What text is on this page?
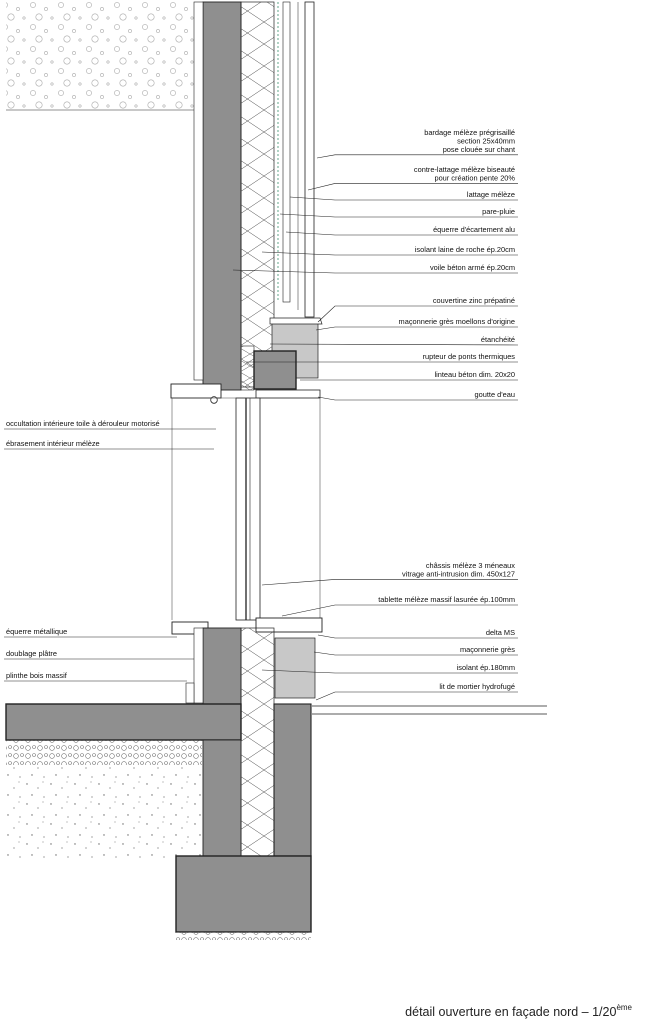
bardage mélèze prégrisaillé section 25x40mm pose clouée sur chant
contre-lattage mélèze biseauté pour création pente 20%
lattage mélèze
pare-pluie
équerre d'écartement alu
isolant laine de roche ép.20cm
voile béton armé ép.20cm
couvertine zinc prépatiné
maçonnerie grès moellons d'origine
étanchéité
rupteur de ponts thermiques
linteau béton dim. 20x20
goutte d'eau
châssis mélèze 3 méneaux vitrage anti-intrusion dim. 450x127
tablette mélèze massif lasurée ép.100mm
delta MS
maçonnerie grès
isolant ép.180mm
lit de mortier hydrofugé
occultation intérieure toile à dérouleur motorisé
ébrasement intérieur mélèze
équerre métallique
doublage plâtre
plinthe bois massif
détail ouverture en façade nord – 1/20ème
